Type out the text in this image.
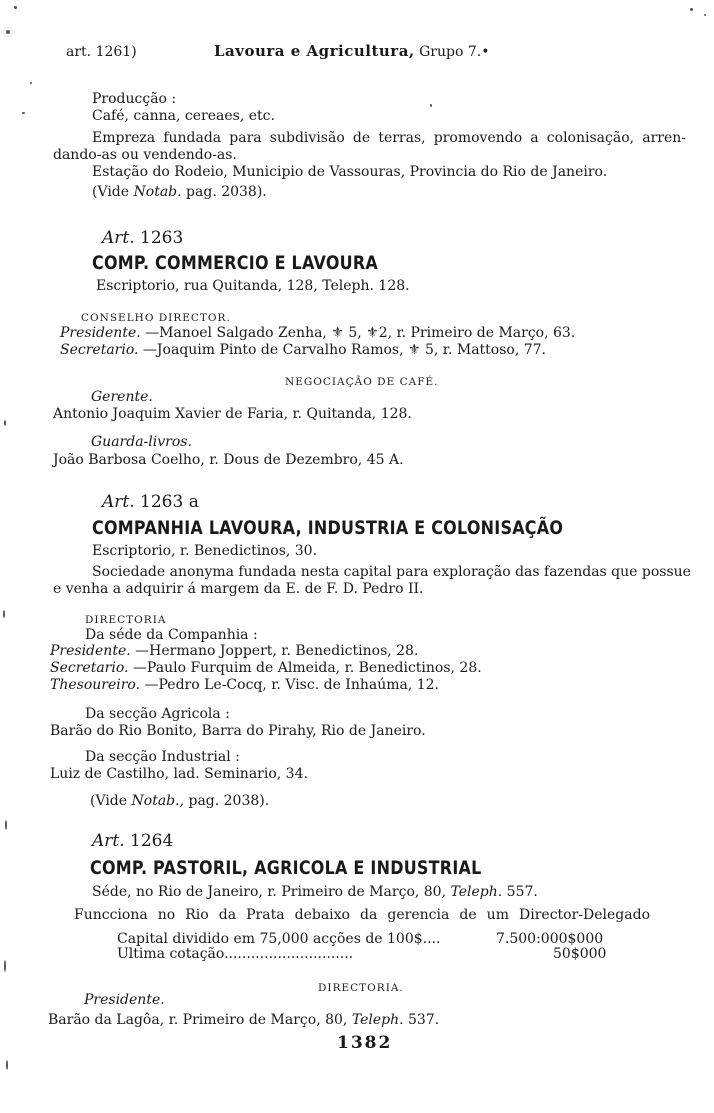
art. 1261)	Lavoura e Agricultura, Grupo 7.•
Producção :
Café, canna, cereaes, etc.
Empreza fundada para subdivisão de terras, promovendo a colonisação, arren-
dando-as ou vendendo-as.
Estação do Rodeio, Municipio de Vassouras, Provincia do Rio de Janeiro.
(Vide Notab. pag. 2038).
Art. 1263
COMP. COMMERCIO E LAVOURA
Escriptorio, rua Quitanda, 128, Teleph. 128.
CONSELHO DIRECTOR.
Presidente. —Manoel Salgado Zenha, ⚜ 5, ⚜2, r. Primeiro de Março, 63.
Secretario. —Joaquim Pinto de Carvalho Ramos, ⚜ 5, r. Mattoso, 77.
NEGOCIAÇÃO DE CAFÉ.
Gerente.
Antonio Joaquim Xavier de Faria, r. Quitanda, 128.
Guarda-livros.
João Barbosa Coelho, r. Dous de Dezembro, 45 A.
Art. 1263 a
COMPANHIA LAVOURA, INDUSTRIA E COLONISAÇÃO
Escriptorio, r. Benedictinos, 30.
Sociedade anonyma fundada nesta capital para exploração das fazendas que possue
e venha a adquirir á margem da E. de F. D. Pedro II.
DIRECTORIA
Da séde da Companhia :
Presidente. —Hermano Joppert, r. Benedictinos, 28.
Secretario. —Paulo Furquim de Almeida, r. Benedictinos, 28.
Thesoureiro. —Pedro Le-Cocq, r. Visc. de Inhaúma, 12.
Da secção Agricola :
Barão do Rio Bonito, Barra do Pirahy, Rio de Janeiro.
Da secção Industrial :
Luiz de Castilho, lad. Seminario, 34.
(Vide Notab., pag. 2038).
Art. 1264
COMP. PASTORIL, AGRICOLA E INDUSTRIAL
Séde, no Rio de Janeiro, r. Primeiro de Março, 80, Teleph. 557.
Funcciona no Rio da Prata debaixo da gerencia de um Director-Delegado
Capital dividido em 75,000 acções de 100$....	7.500:000$000
Ultima cotação.............................	50$000
DIRECTORIA.
Presidente.
Barão da Lagôa, r. Primeiro de Março, 80, Teleph. 537.
1382
